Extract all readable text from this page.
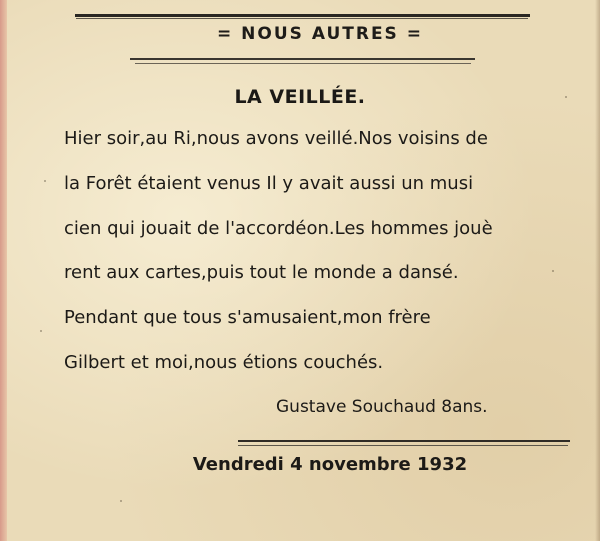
= NOUS AUTRES =
LA VEILLÉE.
Hier soir,au Ri,nous avons veillé.Nos voisins de
la Forêt étaient venus Il y avait aussi un musi
cien qui jouait de l'accordéon.Les hommes jouè
rent aux cartes,puis tout le monde a dansé.
Pendant que tous s'amusaient,mon frère
Gilbert et moi,nous étions couchés.
Gustave Souchaud 8ans.
Vendredi 4 novembre 1932
